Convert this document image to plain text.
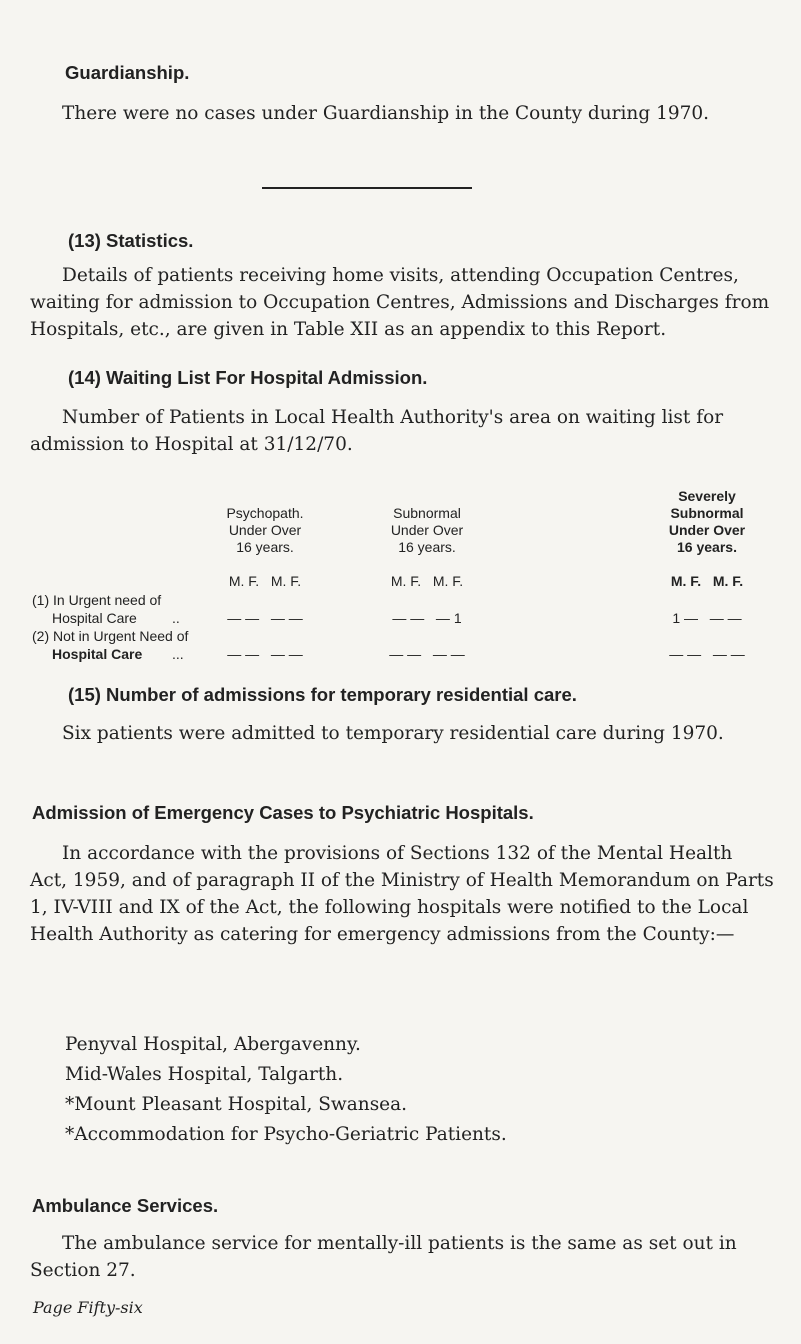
Guardianship.

There were no cases under Guardianship in the County during 1970.

(13) Statistics.

Details of patients receiving home visits, attending Occupation Centres, waiting for admission to Occupation Centres, Admissions and Discharges from Hospitals, etc., are given in Table XII as an appendix to this Report.

(14) Waiting List For Hospital Admission.

Number of Patients in Local Health Authority's area on waiting list for admission to Hospital at 31/12/70.

Psychopath.
Under Over
16 years.
Subnormal
Under Over
16 years.
Severely
Subnormal
Under Over
16 years.
M. F.   M. F.	M. F.   M. F.	M. F.   M. F.
(1) In Urgent need of
Hospital Care	..	— —   — —	— —   — 1	1 —   — —
(2) Not in Urgent Need of
Hospital Care ...	— —   — —	— —   — —	— —   — —
(15) Number of admissions for temporary residential care.

Six patients were admitted to temporary residential care during 1970.

Admission of Emergency Cases to Psychiatric Hospitals.

In accordance with the provisions of Sections 132 of the Mental Health Act, 1959, and of paragraph II of the Ministry of Health Memorandum on Parts 1, IV-VIII and IX of the Act, the following hospitals were notified to the Local Health Authority as catering for emergency admissions from the County:—

Penyval Hospital, Abergavenny.
Mid-Wales Hospital, Talgarth.
*Mount Pleasant Hospital, Swansea.
*Accommodation for Psycho-Geriatric Patients.
Ambulance Services.

The ambulance service for mentally-ill patients is the same as set out in Section 27.

Page Fifty-six
